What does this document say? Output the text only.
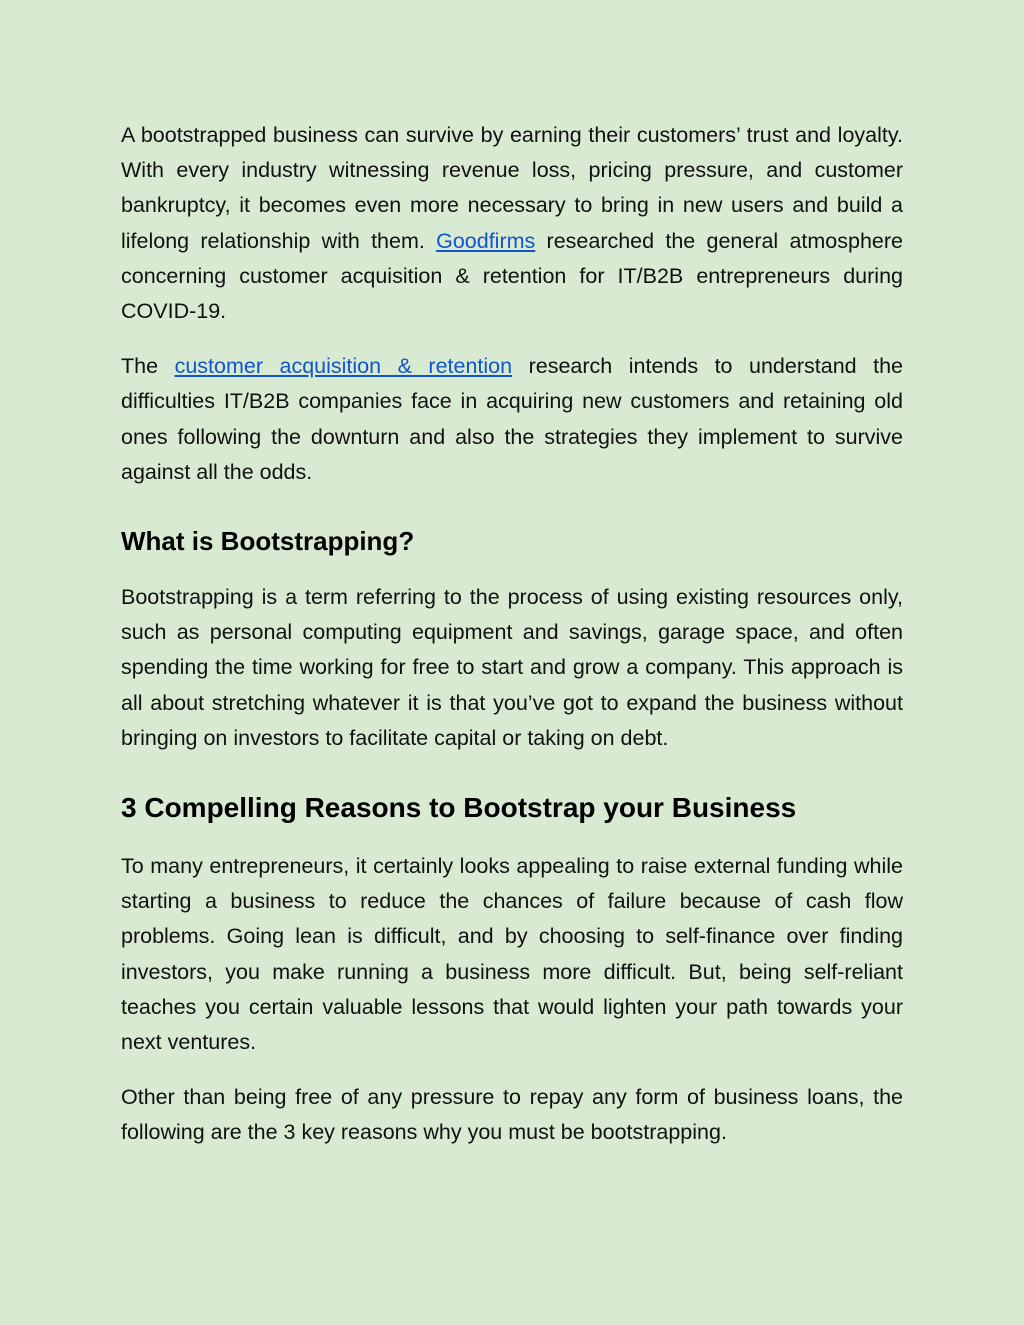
A bootstrapped business can survive by earning their customers’ trust and loyalty. With every industry witnessing revenue loss, pricing pressure, and customer bankruptcy, it becomes even more necessary to bring in new users and build a lifelong relationship with them. Goodfirms researched the general atmosphere concerning customer acquisition & retention for IT/B2B entrepreneurs during COVID-19.

The customer acquisition & retention research intends to understand the difficulties IT/B2B companies face in acquiring new customers and retaining old ones following the downturn and also the strategies they implement to survive against all the odds.

What is Bootstrapping?

Bootstrapping is a term referring to the process of using existing resources only, such as personal computing equipment and savings, garage space, and often spending the time working for free to start and grow a company. This approach is all about stretching whatever it is that you’ve got to expand the business without bringing on investors to facilitate capital or taking on debt.

3 Compelling Reasons to Bootstrap your Business

To many entrepreneurs, it certainly looks appealing to raise external funding while starting a business to reduce the chances of failure because of cash flow problems. Going lean is difficult, and by choosing to self-finance over finding investors, you make running a business more difficult. But, being self-reliant teaches you certain valuable lessons that would lighten your path towards your next ventures.

Other than being free of any pressure to repay any form of business loans, the following are the 3 key reasons why you must be bootstrapping.
